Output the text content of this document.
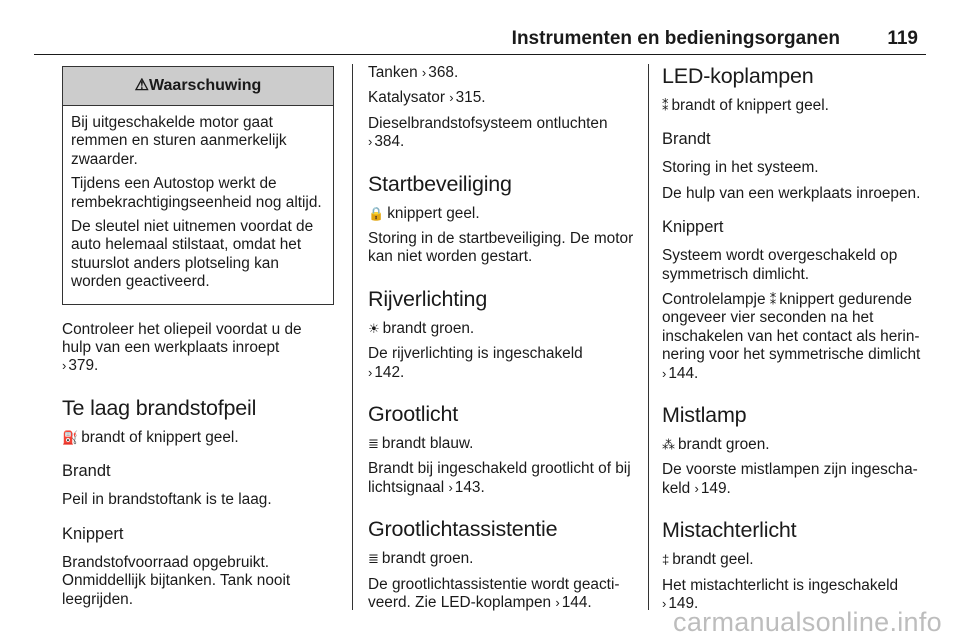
Instrumenten en bedieningsorganen 119
⚠Waarschuwing

Bij uitgeschakelde motor gaat remmen en sturen aanmerkelijk zwaarder.

Tijdens een Autostop werkt de rembekrachtigingseenheid nog altijd.

De sleutel niet uitnemen voordat de auto helemaal stilstaat, omdat het stuurslot anders plotseling kan worden geactiveerd.

Controleer het oliepeil voordat u de hulp van een werkplaats inroept
› 379.

Te laag brandstofpeil

⛽ brandt of knippert geel.

Brandt

Peil in brandstoftank is te laag.

Knippert

Brandstofvoorraad opgebruikt. Onmiddellijk bijtanken. Tank nooit leegrijden.

Tanken › 368.

Katalysator › 315.

Dieselbrandstofsysteem ontluchten
› 384.

Startbeveiliging

🔒 knippert geel.

Storing in de startbeveiliging. De motor kan niet worden gestart.

Rijverlichting

☀ brandt groen.

De rijverlichting is ingeschakeld
› 142.

Grootlicht

≣ brandt blauw.

Brandt bij ingeschakeld grootlicht of bij lichtsignaal › 143.

Grootlichtassistentie

≣ brandt groen.

De grootlichtassistentie wordt geactiveerd. Zie LED-koplampen › 144.

LED-koplampen

⁑ brandt of knippert geel.

Brandt

Storing in het systeem.

De hulp van een werkplaats inroepen.

Knippert

Systeem wordt overgeschakeld op symmetrisch dimlicht.

Controlelampje ⁑ knippert gedurende ongeveer vier seconden na het inschakelen van het contact als herinnering voor het symmetrische dimlicht › 144.

Mistlamp

⁂ brandt groen.

De voorste mistlampen zijn ingeschakeld › 149.

Mistachterlicht

‡ brandt geel.

Het mistachterlicht is ingeschakeld
› 149.

carmanualsonline.info
